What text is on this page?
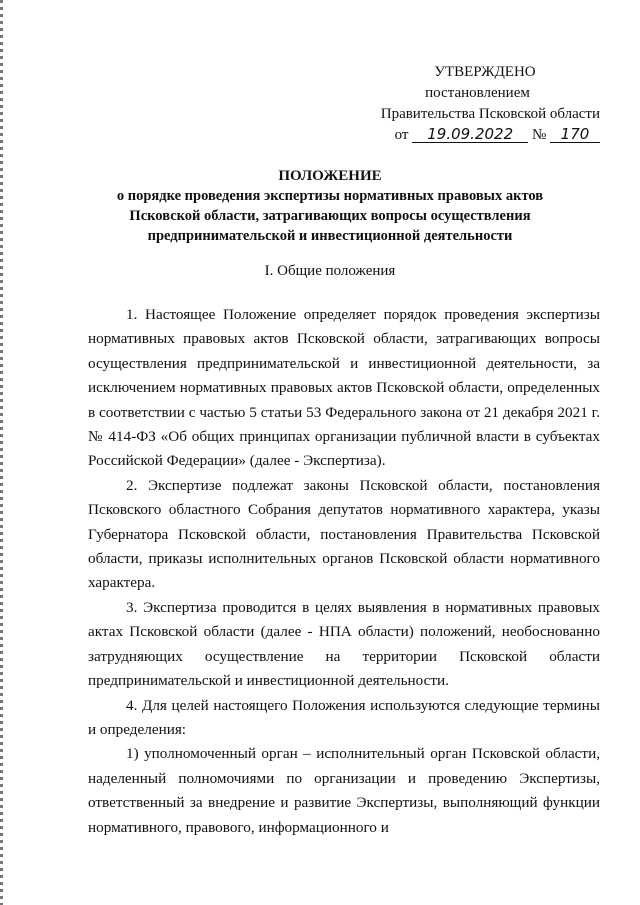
УТВЕРЖДЕНО
постановлением
Правительства Псковской области
от 19.09.2022 № 170
ПОЛОЖЕНИЕ
о порядке проведения экспертизы нормативных правовых актов
Псковской области, затрагивающих вопросы осуществления
предпринимательской и инвестиционной деятельности
I. Общие положения

1. Настоящее Положение определяет порядок проведения экспертизы нормативных правовых актов Псковской области, затрагивающих вопросы осуществления предпринимательской и инвестиционной деятельности, за исключением нормативных правовых актов Псковской области, определенных в соответствии с частью 5 статьи 53 Федерального закона от 21 декабря 2021 г. № 414-ФЗ «Об общих принципах организации публичной власти в субъектах Российской Федерации» (далее - Экспертиза).

2. Экспертизе подлежат законы Псковской области, постановления Псковского областного Собрания депутатов нормативного характера, указы Губернатора Псковской области, постановления Правительства Псковской области, приказы исполнительных органов Псковской области нормативного характера.

3. Экспертиза проводится в целях выявления в нормативных правовых актах Псковской области (далее - НПА области) положений, необоснованно затрудняющих осуществление на территории Псковской области предпринимательской и инвестиционной деятельности.

4. Для целей настоящего Положения используются следующие термины и определения:

1) уполномоченный орган – исполнительный орган Псковской области, наделенный полномочиями по организации и проведению Экспертизы, ответственный за внедрение и развитие Экспертизы, выполняющий функции нормативного, правового, информационного и
